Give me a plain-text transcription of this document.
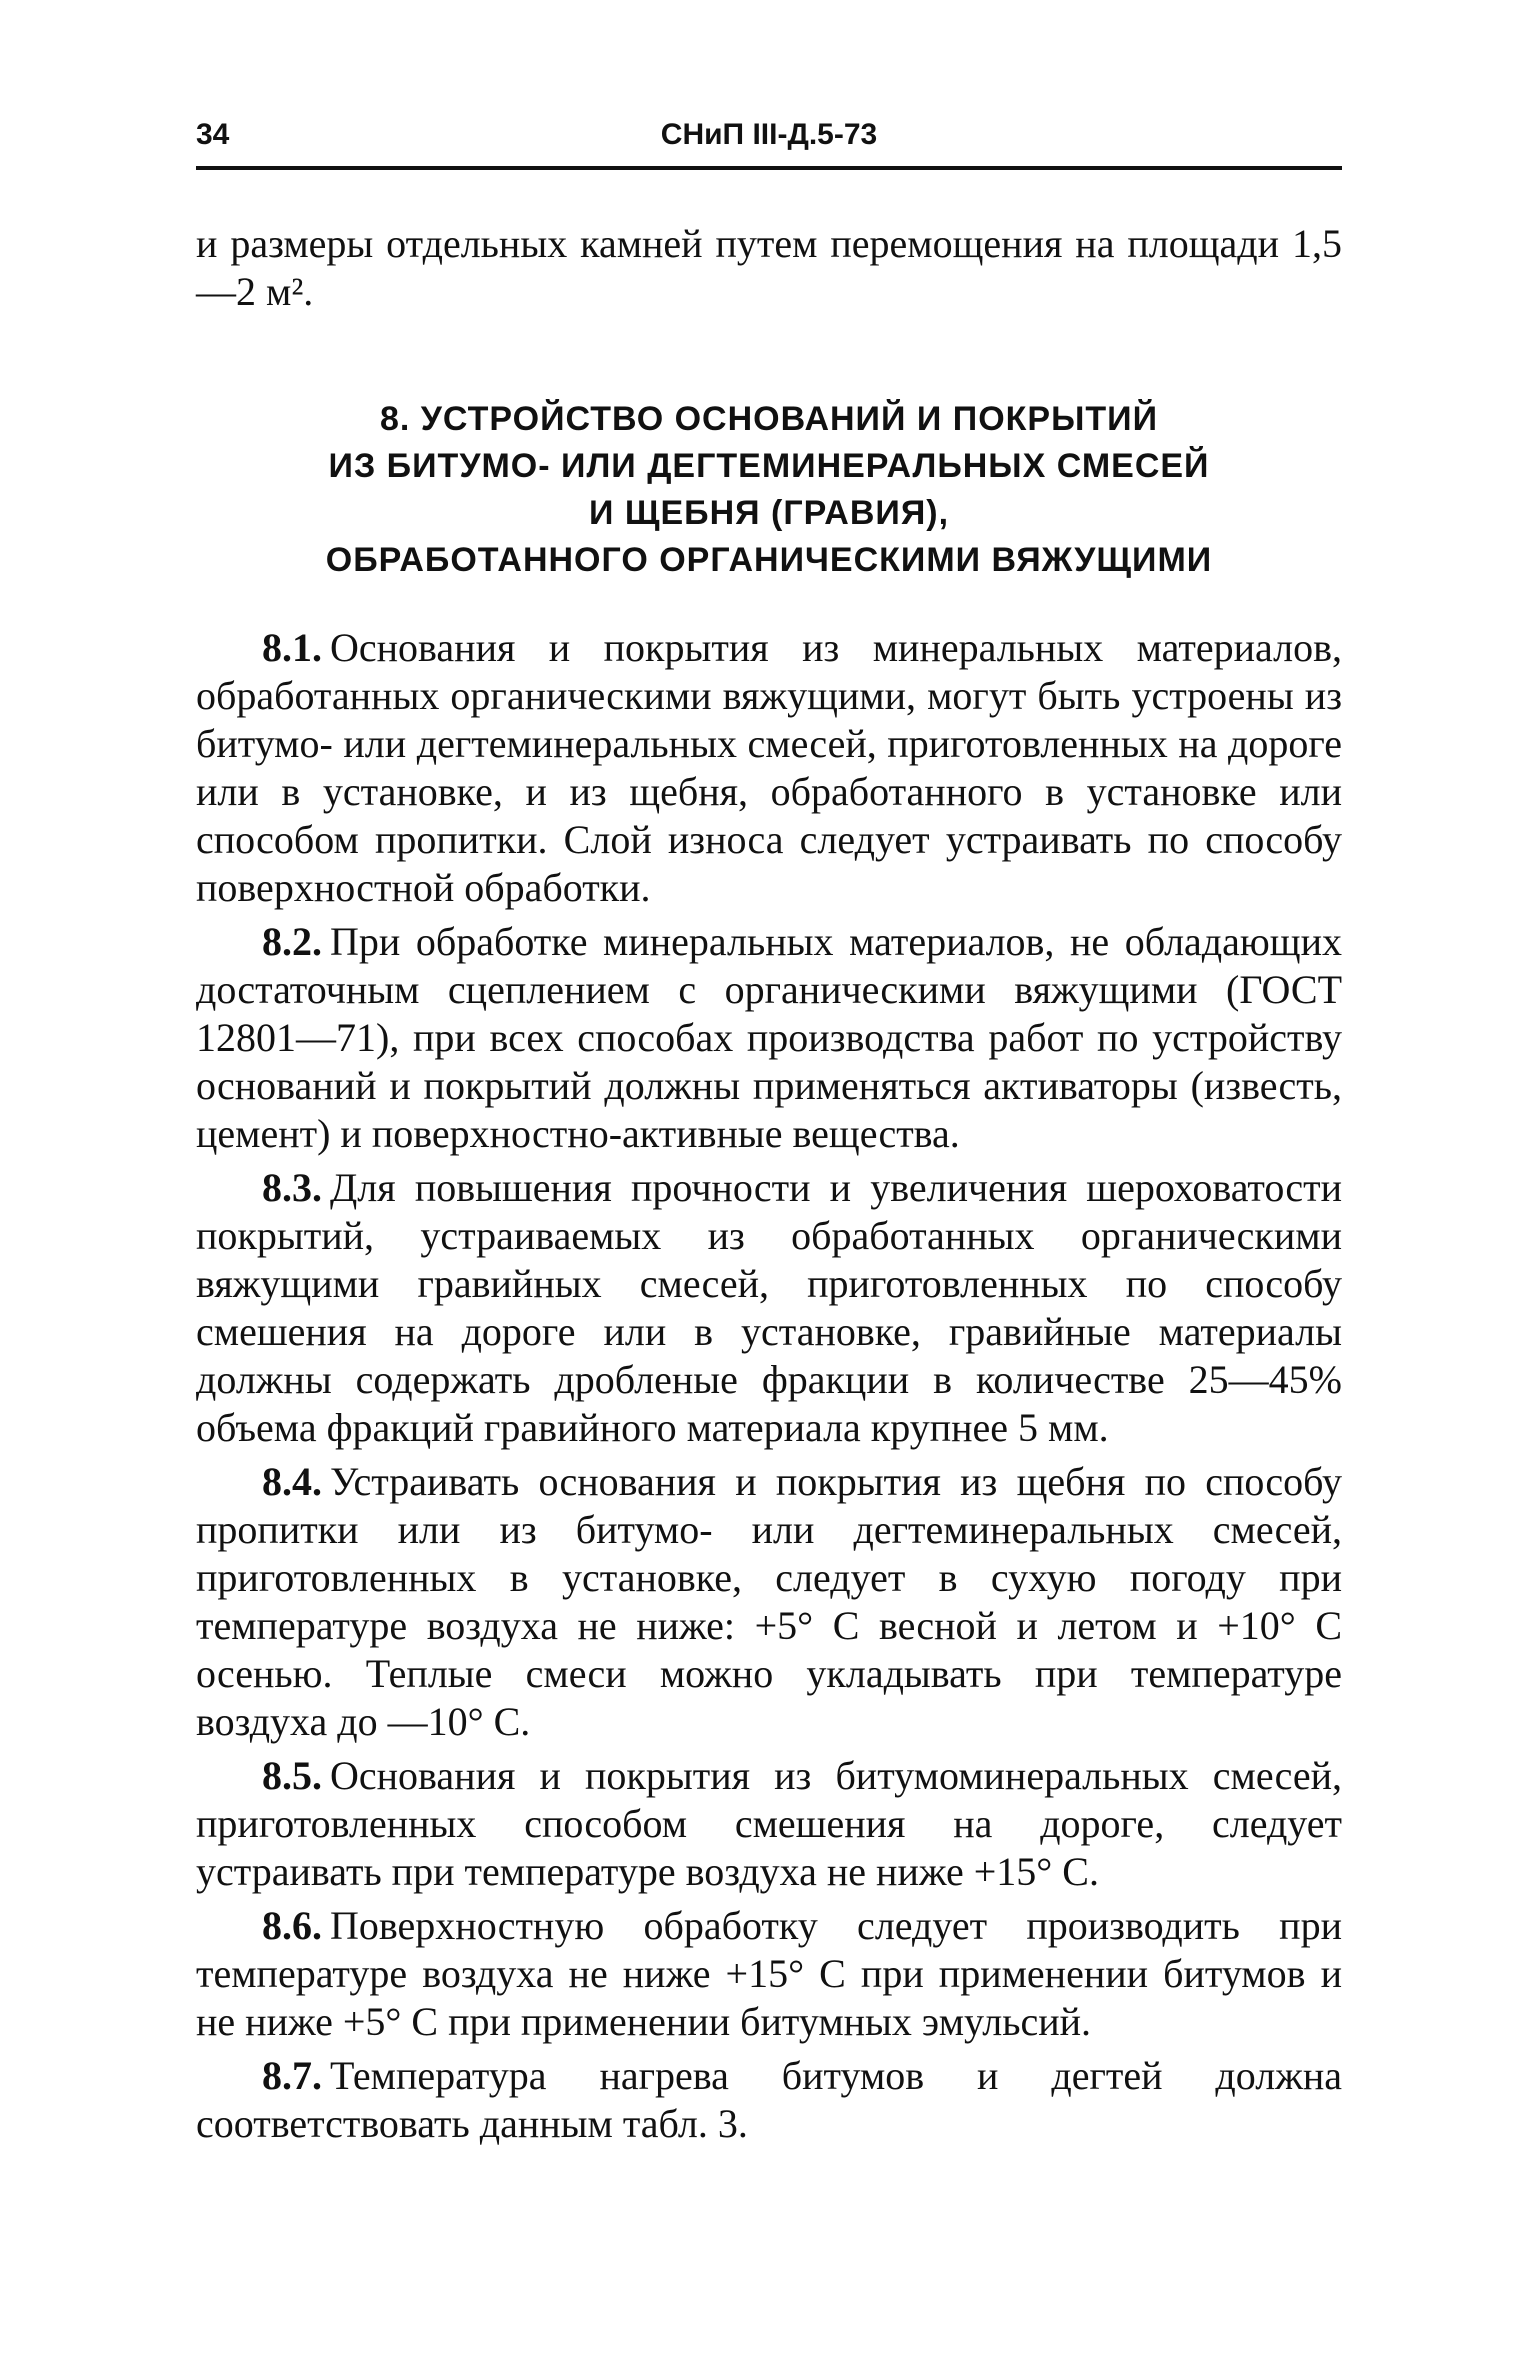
34	СНиП III-Д.5-73

и размеры отдельных камней путем перемощения на площади 1,5—2 м².

8. УСТРОЙСТВО ОСНОВАНИЙ И ПОКРЫТИЙ
ИЗ БИТУМО- ИЛИ ДЕГТЕМИНЕРАЛЬНЫХ СМЕСЕЙ
И ЩЕБНЯ (ГРАВИЯ),
ОБРАБОТАННОГО ОРГАНИЧЕСКИМИ ВЯЖУЩИМИ

8.1. Основания и покрытия из минеральных материалов, обработанных органическими вяжущими, могут быть устроены из битумо- или дегтеминеральных смесей, приготовленных на дороге или в установке, и из щебня, обработанного в установке или способом пропитки. Слой износа следует устраивать по способу поверхностной обработки.

8.2. При обработке минеральных материалов, не обладающих достаточным сцеплением с органическими вяжущими (ГОСТ 12801—71), при всех способах производства работ по устройству оснований и покрытий должны применяться активаторы (известь, цемент) и поверхностно-активные вещества.

8.3. Для повышения прочности и увеличения шероховатости покрытий, устраиваемых из обработанных органическими вяжущими гравийных смесей, приготовленных по способу смешения на дороге или в установке, гравийные материалы должны содержать дробленые фракции в количестве 25—45% объема фракций гравийного материала крупнее 5 мм.

8.4. Устраивать основания и покрытия из щебня по способу пропитки или из битумо- или дегтеминеральных смесей, приготовленных в установке, следует в сухую погоду при температуре воздуха не ниже: +5° С весной и летом и +10° С осенью. Теплые смеси можно укладывать при температуре воздуха до —10° С.

8.5. Основания и покрытия из битумоминеральных смесей, приготовленных способом смешения на дороге, следует устраивать при температуре воздуха не ниже +15° С.

8.6. Поверхностную обработку следует производить при температуре воздуха не ниже +15° С при применении битумов и не ниже +5° С при применении битумных эмульсий.

8.7. Температура нагрева битумов и дегтей должна соответствовать данным табл. 3.
